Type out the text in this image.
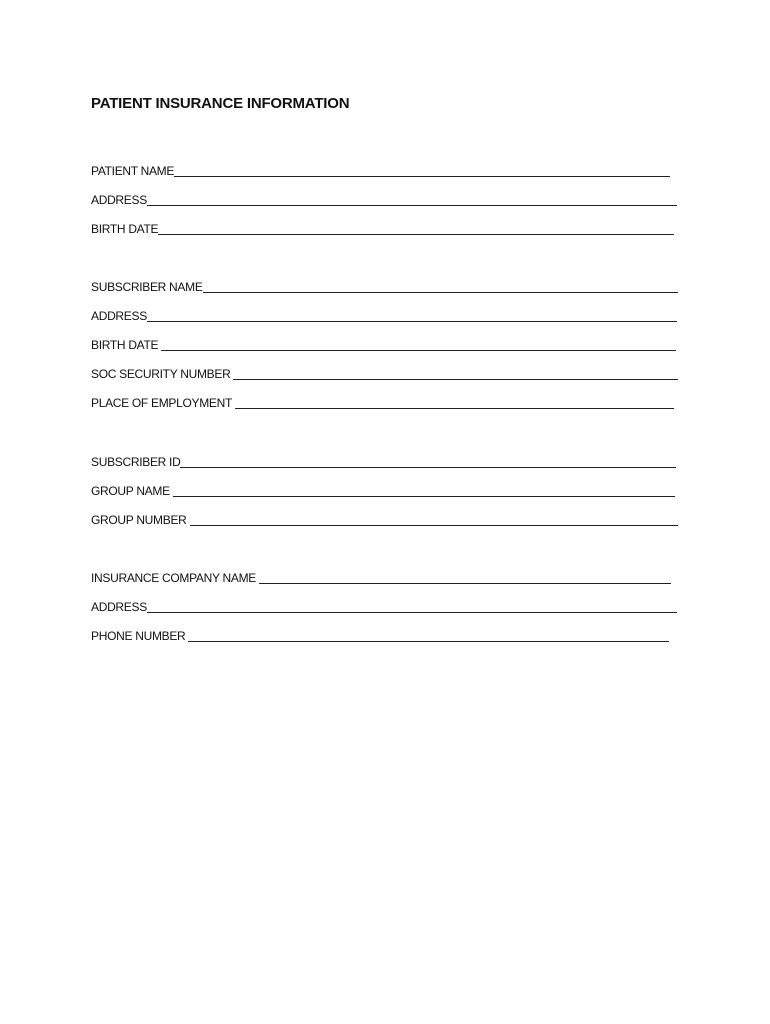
PATIENT INSURANCE INFORMATION
PATIENT NAME
ADDRESS
BIRTH DATE
SUBSCRIBER NAME
ADDRESS
BIRTH DATE
SOC SECURITY NUMBER
PLACE OF EMPLOYMENT
SUBSCRIBER ID
GROUP NAME
GROUP NUMBER
INSURANCE COMPANY NAME
ADDRESS
PHONE NUMBER
